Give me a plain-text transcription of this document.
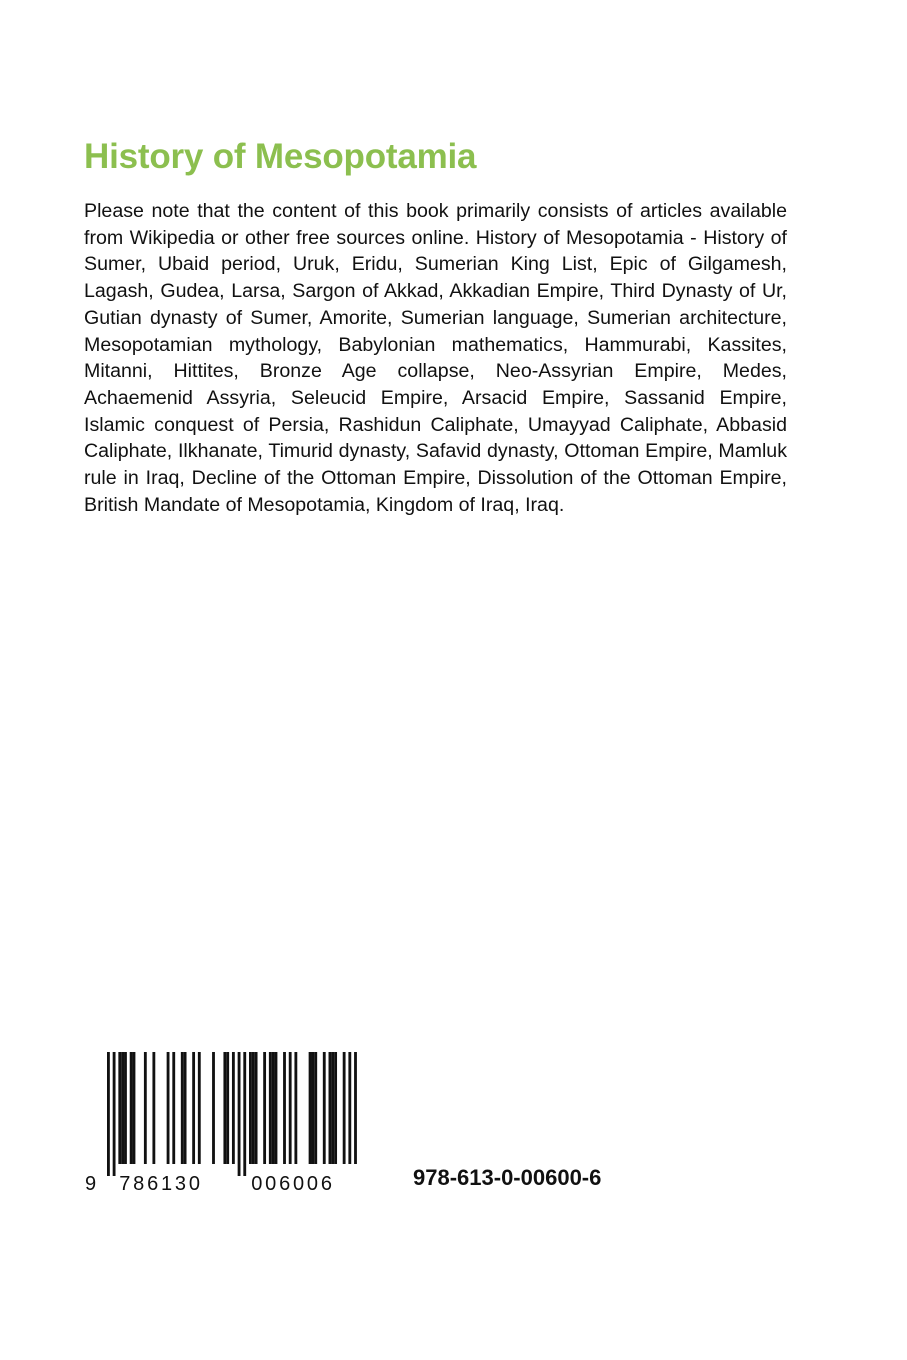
History of Mesopotamia

Please note that the content of this book primarily consists of articles available from Wikipedia or other free sources online. History of Mesopotamia - History of Sumer, Ubaid period, Uruk, Eridu, Sumerian King List, Epic of Gilgamesh, Lagash, Gudea, Larsa, Sargon of Akkad, Akkadian Empire, Third Dynasty of Ur, Gutian dynasty of Sumer, Amorite, Sumerian language, Sumerian architecture, Mesopotamian mythology, Babylonian mathematics, Hammurabi, Kassites, Mitanni, Hittites, Bronze Age collapse, Neo-Assyrian Empire, Medes, Achaemenid Assyria, Seleucid Empire, Arsacid Empire, Sassanid Empire, Islamic conquest of Persia, Rashidun Caliphate, Umayyad Caliphate, Abbasid Caliphate, Ilkhanate, Timurid dynasty, Safavid dynasty, Ottoman Empire, Mamluk rule in Iraq, Decline of the Ottoman Empire, Dissolution of the Ottoman Empire, British Mandate of Mesopotamia, Kingdom of Iraq, Iraq.

9 786130 006006	978-613-0-00600-6
